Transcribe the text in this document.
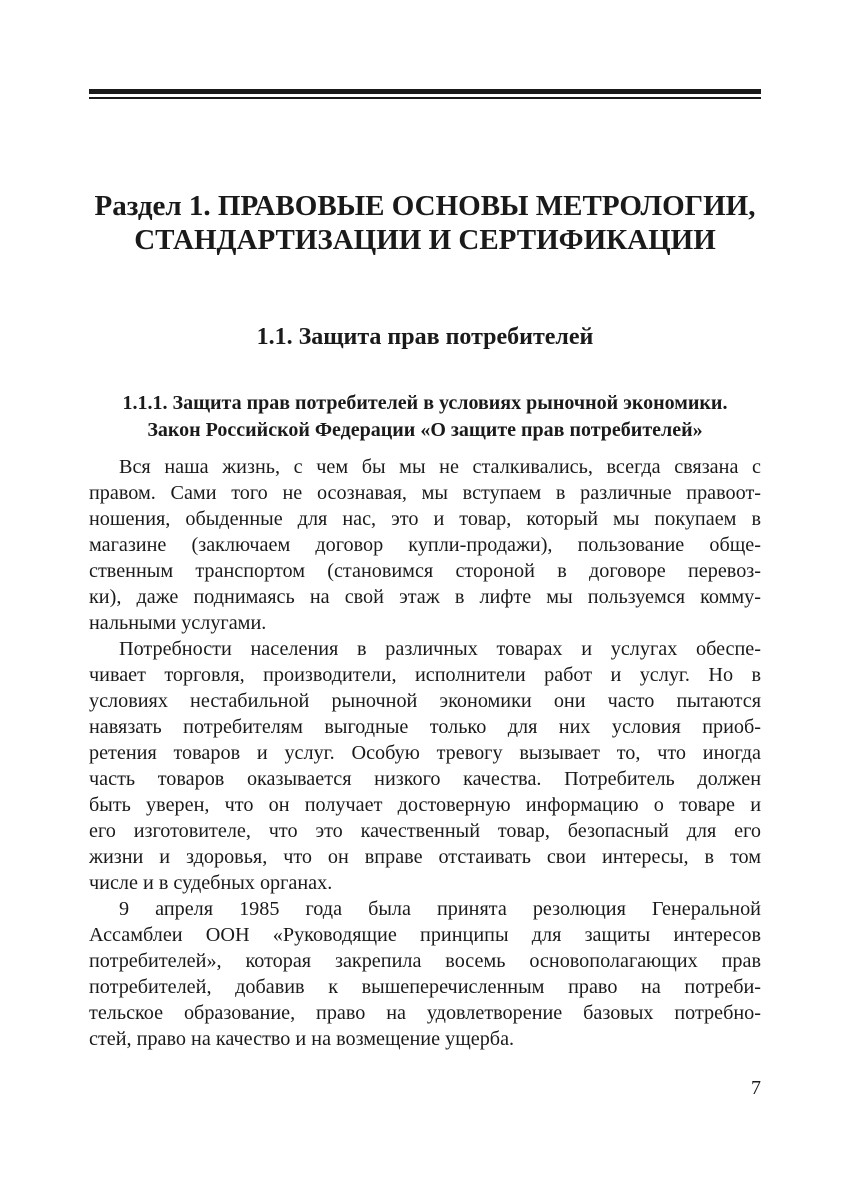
Раздел 1. ПРАВОВЫЕ ОСНОВЫ МЕТРОЛОГИИ,
СТАНДАРТИЗАЦИИ И СЕРТИФИКАЦИИ
1.1. Защита прав потребителей
1.1.1. Защита прав потребителей в условиях рыночной экономики.
Закон Российской Федерации «О защите прав потребителей»
Вся наша жизнь, с чем бы мы не сталкивались, всегда связана с
правом. Сами того не осознавая, мы вступаем в различные правоот-
ношения, обыденные для нас, это и товар, который мы покупаем в
магазине (заключаем договор купли-продажи), пользование обще-
ственным транспортом (становимся стороной в договоре перевоз-
ки), даже поднимаясь на свой этаж в лифте мы пользуемся комму-
нальными услугами.
Потребности населения в различных товарах и услугах обеспе-
чивает торговля, производители, исполнители работ и услуг. Но в
условиях нестабильной рыночной экономики они часто пытаются
навязать потребителям выгодные только для них условия приоб-
ретения товаров и услуг. Особую тревогу вызывает то, что иногда
часть товаров оказывается низкого качества. Потребитель должен
быть уверен, что он получает достоверную информацию о товаре и
его изготовителе, что это качественный товар, безопасный для его
жизни и здоровья, что он вправе отстаивать свои интересы, в том
числе и в судебных органах.
9 апреля 1985 года была принята резолюция Генеральной
Ассамблеи ООН «Руководящие принципы для защиты интересов
потребителей», которая закрепила восемь основополагающих прав
потребителей, добавив к вышеперечисленным право на потреби-
тельское образование, право на удовлетворение базовых потребно-
стей, право на качество и на возмещение ущерба.
7
